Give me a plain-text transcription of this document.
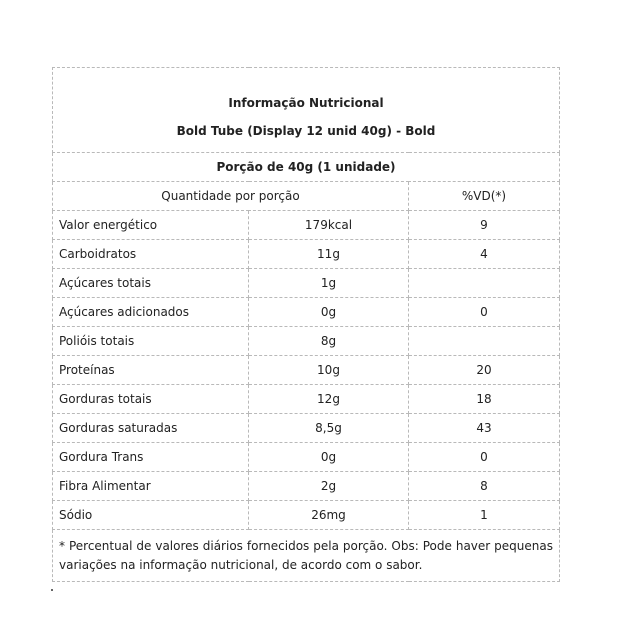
Informação Nutricional
Bold Tube (Display 12 unid 40g) - Bold		

Porção de 40g (1 unidade)		
Quantidade por porção		%VD(*)
Valor energético	179kcal	9
Carboidratos	11g	4
Açúcares totais	1g	
Açúcares adicionados	0g	0
Polióis totais	8g	
Proteínas	10g	20
Gorduras totais	12g	18
Gorduras saturadas	8,5g	43
Gordura Trans	0g	0
Fibra Alimentar	2g	8
Sódio	26mg	1
* Percentual de valores diários fornecidos pela porção. Obs: Pode haver pequenas variações na informação nutricional, de acordo com o sabor.		
